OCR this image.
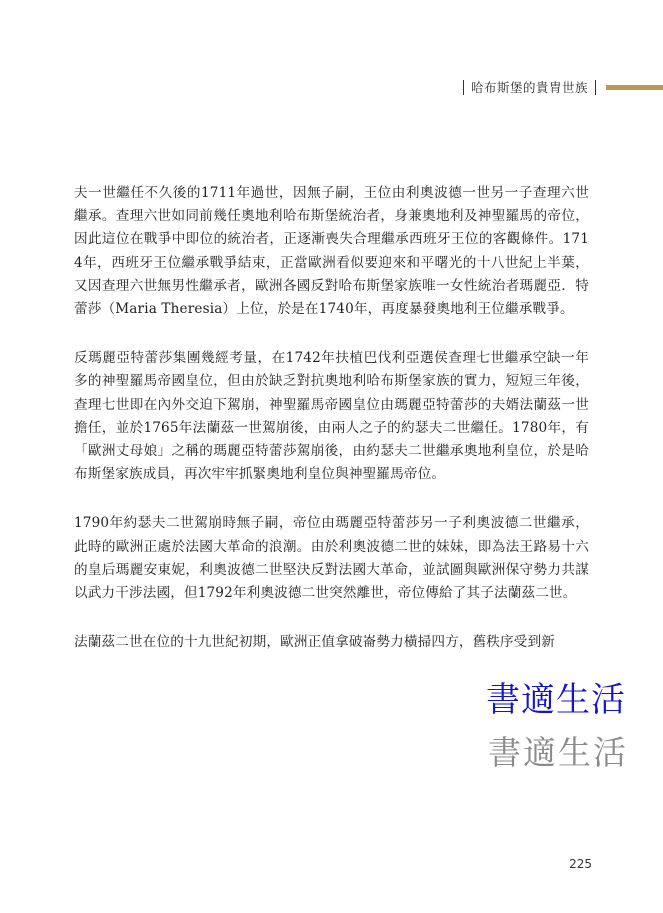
哈布斯堡的貴胄世族

夫一世繼任不久後的1711年過世，因無子嗣，王位由利奧波德一世另一子查理六世繼承。查理六世如同前幾任奧地利哈布斯堡統治者，身兼奧地利及神聖羅馬的帝位，因此這位在戰爭中即位的統治者，正逐漸喪失合理繼承西班牙王位的客觀條件。1714年，西班牙王位繼承戰爭結束，正當歐洲看似要迎來和平曙光的十八世紀上半葉，又因查理六世無男性繼承者，歐洲各國反對哈布斯堡家族唯一女性統治者瑪麗亞．特蕾莎（Maria Theresia）上位，於是在1740年，再度暴發奧地利王位繼承戰爭。

反瑪麗亞特蕾莎集團幾經考量，在1742年扶植巴伐利亞選侯查理七世繼承空缺一年多的神聖羅馬帝國皇位，但由於缺乏對抗奧地利哈布斯堡家族的實力，短短三年後，查理七世即在內外交迫下駕崩，神聖羅馬帝國皇位由瑪麗亞特蕾莎的夫婿法蘭茲一世擔任，並於1765年法蘭茲一世駕崩後，由兩人之子的約瑟夫二世繼任。1780年，有「歐洲丈母娘」之稱的瑪麗亞特蕾莎駕崩後，由約瑟夫二世繼承奧地利皇位，於是哈布斯堡家族成員，再次牢牢抓緊奧地利皇位與神聖羅馬帝位。

1790年約瑟夫二世駕崩時無子嗣，帝位由瑪麗亞特蕾莎另一子利奧波德二世繼承，此時的歐洲正處於法國大革命的浪潮。由於利奧波德二世的妹妹，即為法王路易十六的皇后瑪麗安東妮，利奧波德二世堅決反對法國大革命，並試圖與歐洲保守勢力共謀以武力干涉法國，但1792年利奧波德二世突然離世，帝位傳給了其子法蘭茲二世。

法蘭茲二世在位的十九世紀初期，歐洲正值拿破崙勢力橫掃四方，舊秩序受到新

書適生活
書適生活
225
